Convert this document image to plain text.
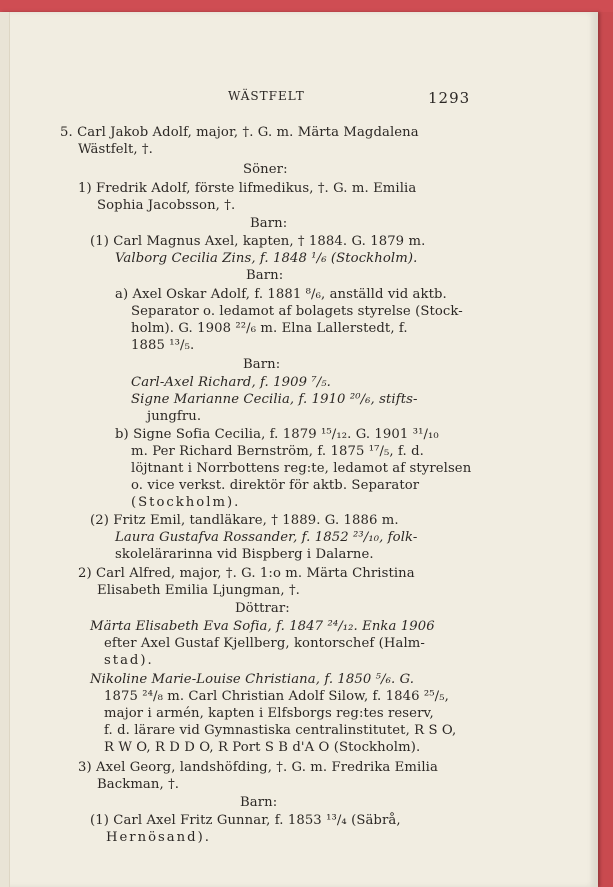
WÄSTFELT	1293
5. Carl Jakob Adolf, major, †. G. m. Märta Magdalena
Wästfelt, †.
Söner:
1) Fredrik Adolf, förste lifmedikus, †. G. m. Emilia
Sophia Jacobsson, †.
Barn:
(1) Carl Magnus Axel, kapten, † 1884. G. 1879 m.
Valborg Cecilia Zins, f. 1848 ¹/₆ (Stockholm).
Barn:
a) Axel Oskar Adolf, f. 1881 ⁸/₆, anställd vid aktb.
Separator o. ledamot af bolagets styrelse (Stock-
holm). G. 1908 ²²/₆ m. Elna Lallerstedt, f.
1885 ¹³/₅.
Barn:
Carl-Axel Richard, f. 1909 ⁷/₅.
Signe Marianne Cecilia, f. 1910 ²⁰/₆, stifts-
jungfru.
b) Signe Sofia Cecilia, f. 1879 ¹⁵/₁₂. G. 1901 ³¹/₁₀
m. Per Richard Bernström, f. 1875 ¹⁷/₅, f. d.
löjtnant i Norrbottens reg:te, ledamot af styrelsen
o. vice verkst. direktör för aktb. Separator
(Stockholm).
(2) Fritz Emil, tandläkare, † 1889. G. 1886 m.
Laura Gustafva Rossander, f. 1852 ²³/₁₀, folk-
skolelärarinna vid Bispberg i Dalarne.
2) Carl Alfred, major, †. G. 1:o m. Märta Christina
Elisabeth Emilia Ljungman, †.
Döttrar:
Märta Elisabeth Eva Sofia, f. 1847 ²⁴/₁₂. Enka 1906
efter Axel Gustaf Kjellberg, kontorschef (Halm-
stad).
Nikoline Marie-Louise Christiana, f. 1850 ⁵/₆. G.
1875 ²⁴/₈ m. Carl Christian Adolf Silow, f. 1846 ²⁵/₅,
major i armén, kapten i Elfsborgs reg:tes reserv,
f. d. lärare vid Gymnastiska centralinstitutet, R S O,
R W O, R D D O, R Port S B d'A O (Stockholm).
3) Axel Georg, landshöfding, †. G. m. Fredrika Emilia
Backman, †.
Barn:
(1) Carl Axel Fritz Gunnar, f. 1853 ¹³/₄ (Säbrå,
Hernösand).
